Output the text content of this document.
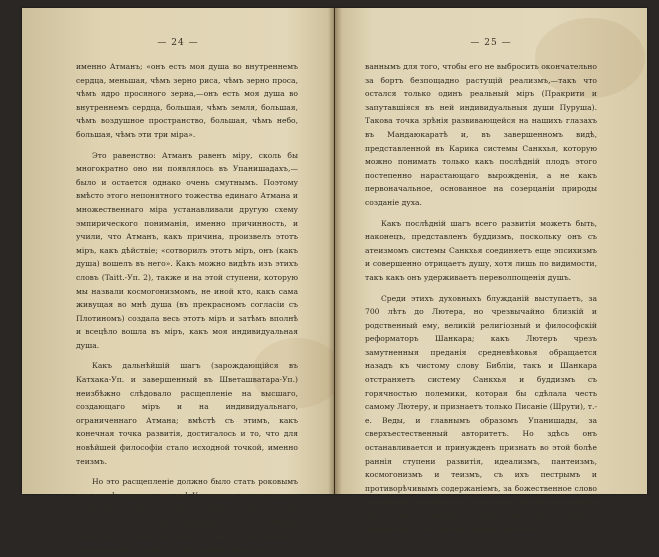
— 24 —

именно Атманъ; «онъ есть моя душа во внутреннемъ сердца, меньшая, чѣмъ зерно риса, чѣмъ зерно проса, чѣмъ ядро просяного зерна,—онъ есть моя душа во внутреннемъ сердца, большая, чѣмъ земля, большая, чѣмъ воздушное пространство, большая, чѣмъ небо, большая, чѣмъ эти три міра».

Это равенство: Атманъ равенъ міру, сколь бы многократно оно ни появлялось въ Упанишадахъ,—было и остается однако очень смутнымъ. Поэтому вмѣсто этого непонятного тожества единаго Атмана и множественнаго міра устанавливали другую схему эмпирического пониманія, именно причинность, и учили, что Атманъ, какъ причина, произвелъ этотъ міръ, какъ дѣйствіе; «сотворилъ этотъ міръ, онъ (какъ душа) вошелъ въ него». Какъ можно видѣть изъ этихъ словъ (Taitt.-Уп. 2), также и на этой ступени, которую мы назвали космогонизмомъ, не иной кто, какъ сама живущая во мнѣ душа (въ прекрасномъ согласіи съ Плотиномъ) создала весь этотъ міръ и затѣмъ вполнѣ и всецѣло вошла въ міръ, какъ моя индивидуальная душа.

Какъ дальнѣйшій шагъ (зарождающійся въ Катхака-Уп. и завершенный въ Шветашватара-Уп.) неизбѣжно слѣдовало расщепленіе на высшаго, создающаго міръ и на индивидуальнаго, ограниченнаго Атмана; вмѣстѣ съ этимъ, какъ конечная точка развитія, достигалось и то, что для новѣйшей философіи стало исходной точкой, именно теизмъ.

Но это расщепленіе должно было стать роковымъ для послѣдующаго, уже внѣ Упанишадъ протекавшаго развитія. Послѣ того какъ создающій міръ Атманъ отдѣлился отъ Атмана индивидуальнаго, и послѣдній перестаетъ свидѣтельствовать о немъ, онъ оказался теперь вообще недостаточно засвидѣтельство-

— 25 —

ваннымъ для того, чтобы его не выбросить окончательно за бортъ безпощадно растущій реализмъ,—такъ что остался только одинъ реальный міръ (Пракрити и запутавшіяся въ ней индивидуальныя души Пуруша). Такова точка зрѣнія развивающейся на нашихъ глазахъ въ Мандаюкаратѣ и, въ завершенномъ видѣ, представленной въ Карика системы Санкхья, которую можно понимать только какъ послѣдній плодъ этого постепенно нарастающаго вырожденія, а не какъ первоначальное, основанное на созерцаніи природы созданіе духа.

Какъ послѣдній шагъ всего развитія можетъ быть, наконецъ, представленъ буддизмъ, поскольку онъ съ атеизмомъ системы Санкхья соединяетъ еще эпсихизмъ и совершенно отрицаетъ душу, хотя лишь по видимости, такъ какъ онъ удерживаетъ переволпощенія душъ.

Среди этихъ духовныхъ блужданій выступаетъ, за 700 лѣтъ до Лютера, но чрезвычайно близкій и родственный ему, великій религіозный и философскій реформаторъ Шанкара; какъ Лютеръ чрезъ замутненныя преданія средневѣковья обращается назадъ къ чистому слову Библіи, такъ и Шанкара отстраняетъ систему Санкхья и буддизмъ съ горячностью полемики, которая бы сдѣлала честь самому Лютеру, и признаетъ только Писаніе (Шрути), т.-е. Веды, и главнымъ образомъ Упанишады, за сверхъестественный авторитетъ. Но здѣсь онъ останавливается и принужденъ признать во этой болѣе раннія ступени развитія, идеализмъ, пантеизмъ, космогонизмъ и теизмъ, съ ихъ пестрымъ и противорѣчивымъ содержаніемъ, за божественное слово откровеній Брахмана. Въ этомъ затрудненіи онъ нашелъ удивительный выходъ, который могъ бы послужить образцомъ и для спасенія нашей христіан-
